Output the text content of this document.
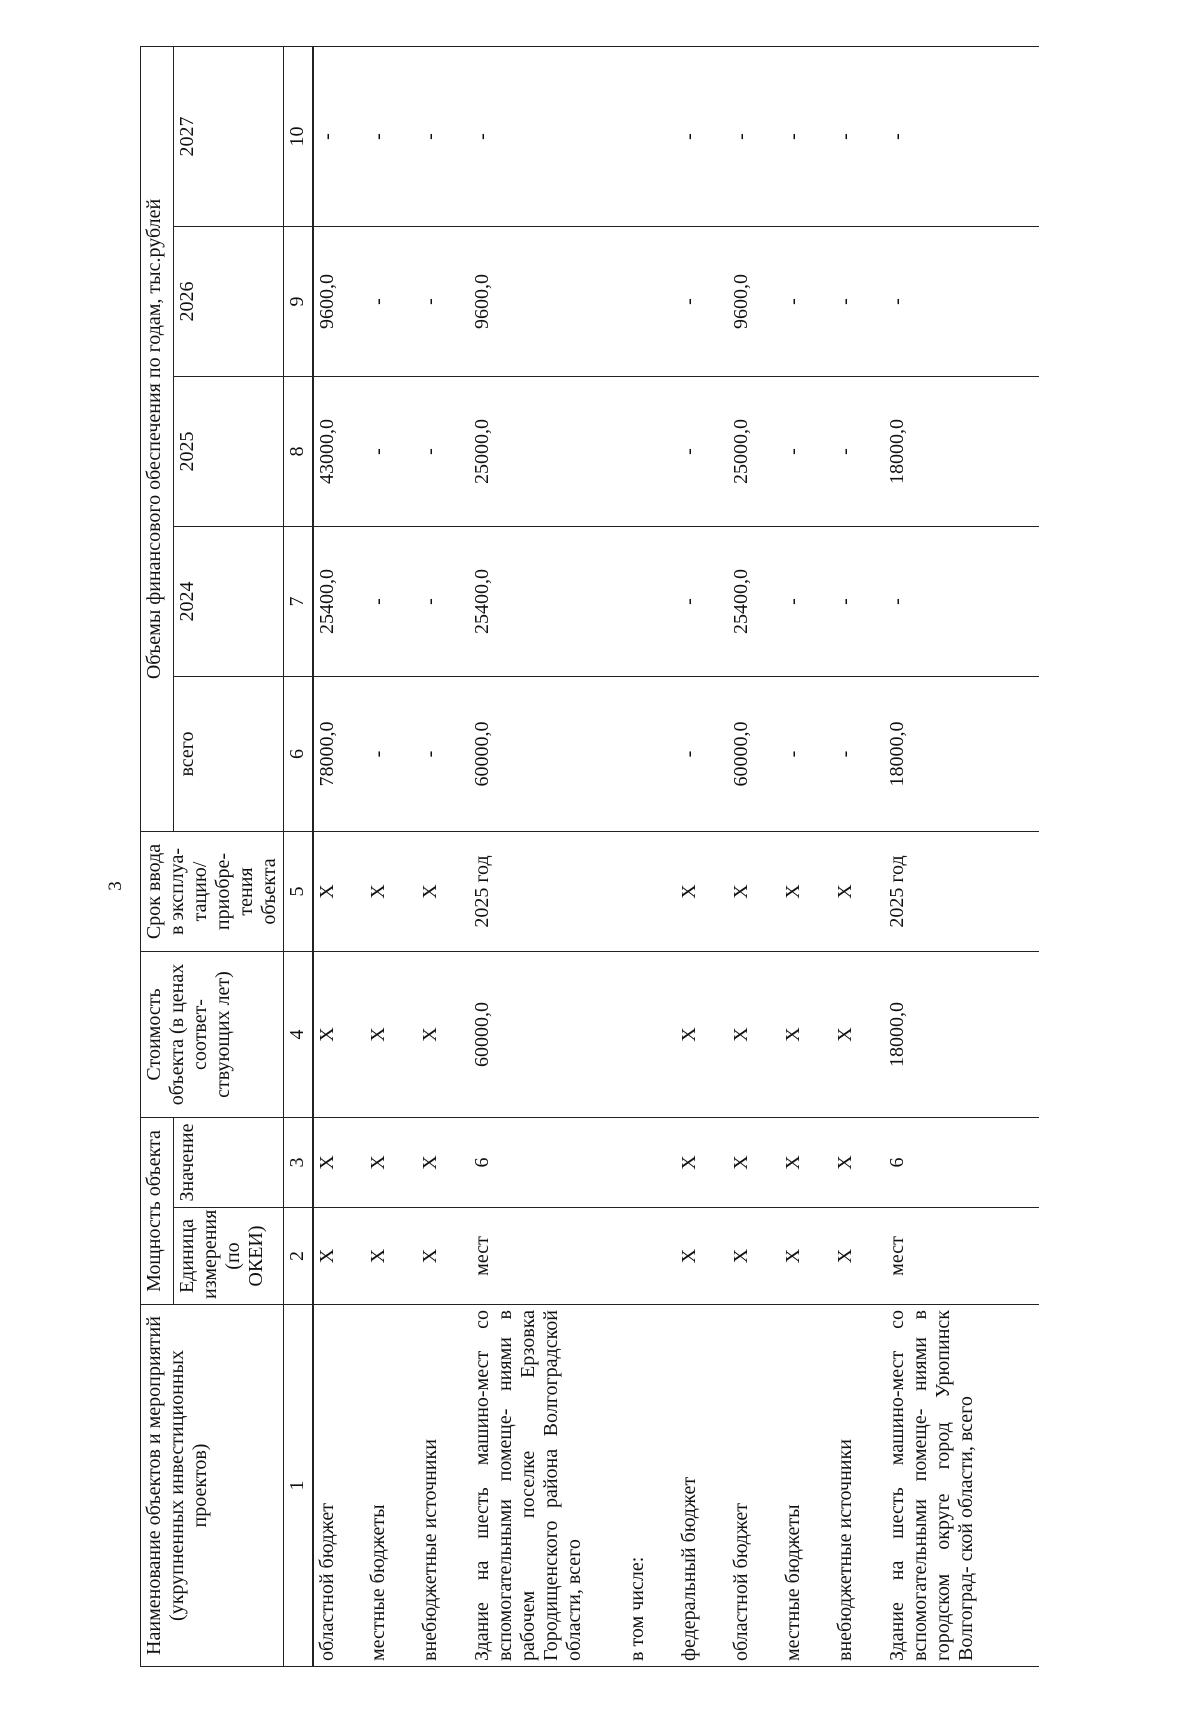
3
Наименование объектов и мероприятий (укрупненных инвестиционных проектов)	Мощность объекта		Стоимость объекта (в ценах соответ- ствующих лет)	Срок ввода в эксплуа- тацию/ приобре- тения объекта	Объемы финансового обеспечения по годам, тыс.рублей				
	Единица измерения (по ОКЕИ)	Значение			всего	2024	2025	2026	2027
1	2	3	4	5	6	7	8	9	10
областной бюджет	X	X	X	X	78000,0	25400,0	43000,0	9600,0	-
местные бюджеты	X	X	X	X	-	-	-	-	-
внебюджетные источники	X	X	X	X	-	-	-	-	-
Здание на шесть машино-мест со вспомогательными помеще- ниями в рабочем поселке Ерзовка Городищенского района Волгоградской области, всего	мест	6	60000,0	2025 год	60000,0	25400,0	25000,0	9600,0	-
в том числе:									
федеральный бюджет	X	X	X	X	-	-	-	-	-
областной бюджет	X	X	X	X	60000,0	25400,0	25000,0	9600,0	-
местные бюджеты	X	X	X	X	-	-	-	-	-
внебюджетные источники	X	X	X	X	-	-	-	-	-
Здание на шесть машино-мест со вспомогательными помеще- ниями в городском округе город Урюпинск Волгоград- ской области, всего	мест	6	18000,0	2025 год	18000,0	-	18000,0	-	-
